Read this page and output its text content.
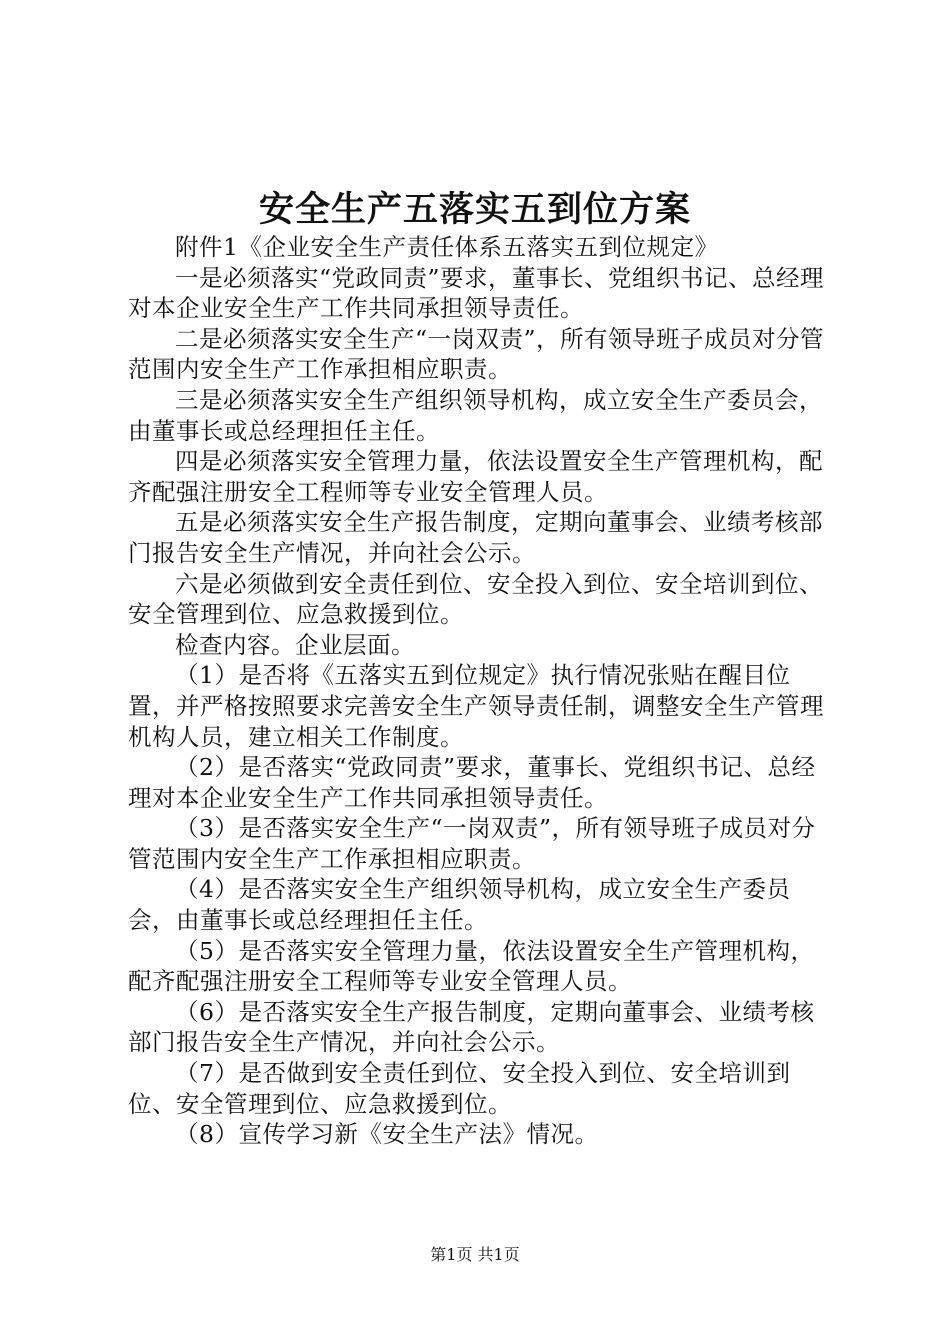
安全生产五落实五到位方案

附件1《企业安全生产责任体系五落实五到位规定》

一是必须落实“党政同责”要求，董事长、党组织书记、总经理对本企业安全生产工作共同承担领导责任。

二是必须落实安全生产“一岗双责”，所有领导班子成员对分管范围内安全生产工作承担相应职责。

三是必须落实安全生产组织领导机构，成立安全生产委员会，由董事长或总经理担任主任。

四是必须落实安全管理力量，依法设置安全生产管理机构，配齐配强注册安全工程师等专业安全管理人员。

五是必须落实安全生产报告制度，定期向董事会、业绩考核部门报告安全生产情况，并向社会公示。

六是必须做到安全责任到位、安全投入到位、安全培训到位、安全管理到位、应急救援到位。

检查内容。企业层面。

（1）是否将《五落实五到位规定》执行情况张贴在醒目位置，并严格按照要求完善安全生产领导责任制，调整安全生产管理机构人员，建立相关工作制度。

（2）是否落实“党政同责”要求，董事长、党组织书记、总经理对本企业安全生产工作共同承担领导责任。

（3）是否落实安全生产“一岗双责”，所有领导班子成员对分管范围内安全生产工作承担相应职责。

（4）是否落实安全生产组织领导机构，成立安全生产委员会，由董事长或总经理担任主任。

（5）是否落实安全管理力量，依法设置安全生产管理机构，配齐配强注册安全工程师等专业安全管理人员。

（6）是否落实安全生产报告制度，定期向董事会、业绩考核部门报告安全生产情况，并向社会公示。

（7）是否做到安全责任到位、安全投入到位、安全培训到位、安全管理到位、应急救援到位。

（8）宣传学习新《安全生产法》情况。

第1页 共1页
